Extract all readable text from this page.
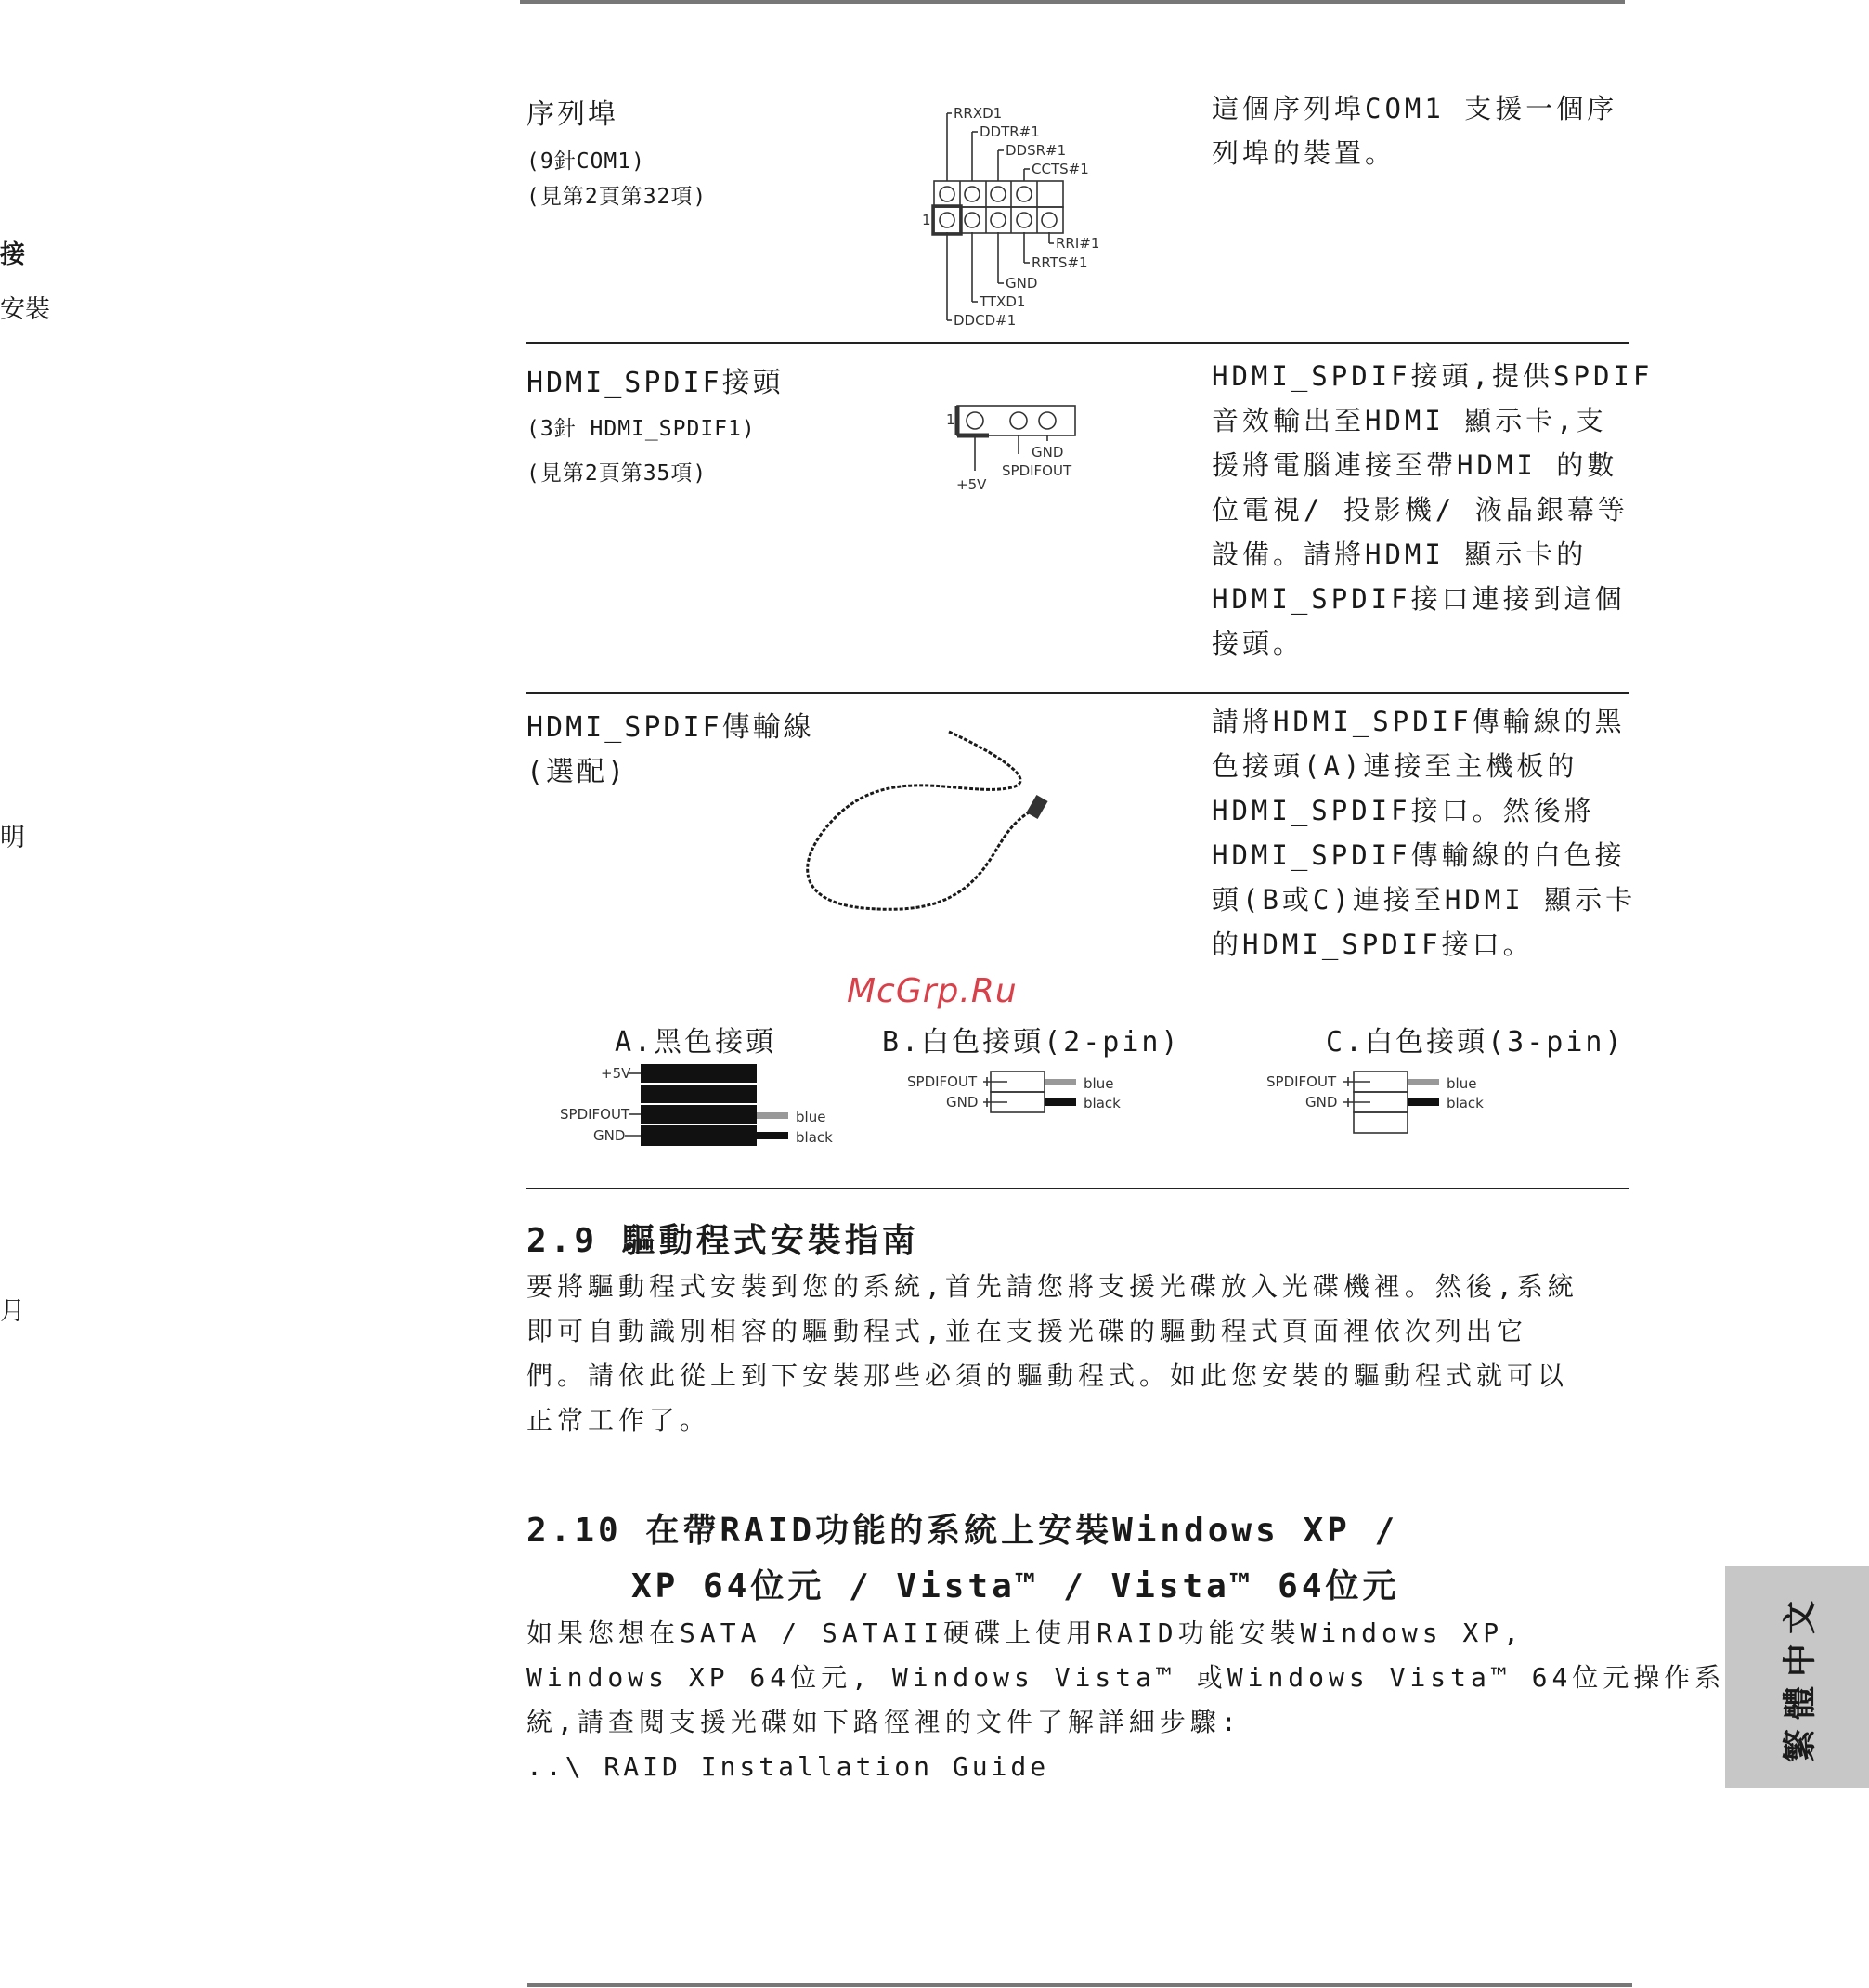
接
安裝
明
月
序列埠
(9針COM1)
(見第2頁第32項)
RRXD1
DDTR#1
DDSR#1
CCTS#1
1
RRI#1
RRTS#1
GND
TTXD1
DDCD#1
這個序列埠COM1 支援一個序
列埠的裝置。
HDMI_SPDIF接頭
(3針 HDMI_SPDIF1)
(見第2頁第35項)
1
GND
SPDIFOUT
+5V
HDMI_SPDIF接頭,提供SPDIF
音效輸出至HDMI 顯示卡,支
援將電腦連接至帶HDMI 的數
位電視/ 投影機/ 液晶銀幕等
設備。請將HDMI 顯示卡的
HDMI_SPDIF接口連接到這個
接頭。
HDMI_SPDIF傳輸線
(選配)
請將HDMI_SPDIF傳輸線的黑
色接頭(A)連接至主機板的
HDMI_SPDIF接口。然後將
HDMI_SPDIF傳輸線的白色接
頭(B或C)連接至HDMI 顯示卡
的HDMI_SPDIF接口。
McGrp.Ru
A.黑色接頭	B.白色接頭(2-pin)	C.白色接頭(3-pin)
+5V
SPDIFOUT
GND
blue
black
SPDIFOUT
GND
blue
black
SPDIFOUT
GND
blue
black
2.9 驅動程式安裝指南
要將驅動程式安裝到您的系統,首先請您將支援光碟放入光碟機裡。然後,系統
即可自動識別相容的驅動程式,並在支援光碟的驅動程式頁面裡依次列出它
們。請依此從上到下安裝那些必須的驅動程式。如此您安裝的驅動程式就可以
正常工作了。
2.10 在帶RAID功能的系統上安裝Windows XP /
XP 64位元 / Vista™ / Vista™ 64位元
如果您想在SATA / SATAII硬碟上使用RAID功能安裝Windows XP,
Windows XP 64位元, Windows Vista™ 或Windows Vista™ 64位元操作系
統,請查閱支援光碟如下路徑裡的文件了解詳細步驟:
..\ RAID Installation Guide
繁體中文
